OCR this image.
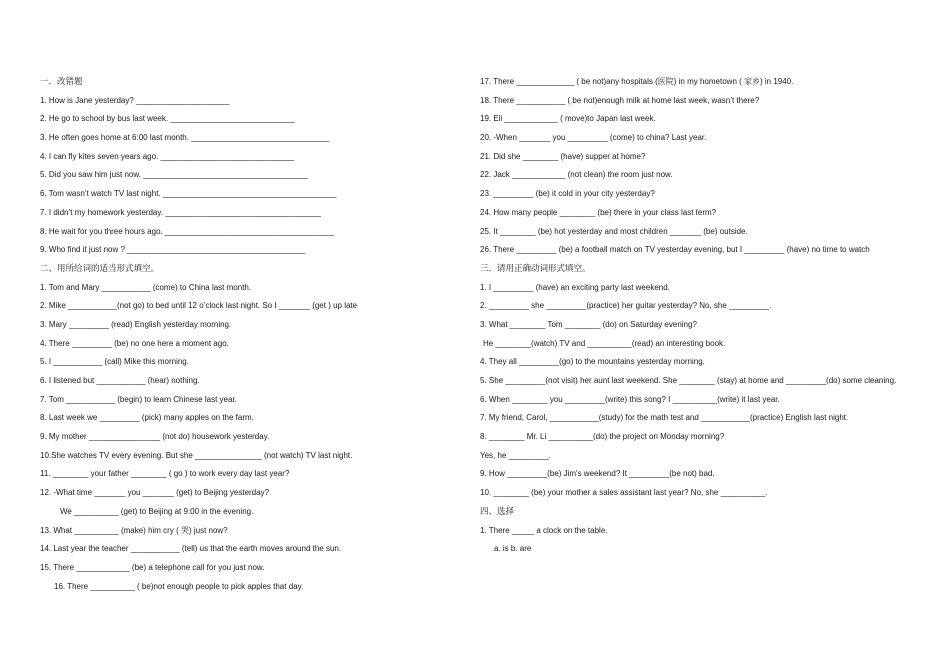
一．改错题
1. How is Jane yesterday? _____________________
2. He go to school by bus last week. ____________________________
3. He often goes home at 6:00 last month. _______________________________
4. I can fly kites seven years ago. ______________________________
5. Did you saw him just now. _____________________________________
6. Tom wasn’t watch TV last night. _______________________________________
7. I didn’t my homework yesterday. ___________________________________
8. He wait for you three hours ago. ______________________________________
9. Who find it just now ? ________________________________________
二、用所给词的适当形式填空。
1. Tom and Mary ___________ (come) to China last month.
2. Mike ___________(not go) to bed until 12 o’clock last night. So I _______ (get ) up late
3. Mary _________ (read) English yesterday morning.
4. There _________ (be) no one here a moment ago.
5. I ___________ (call) Mike this morning.
6. I listened but ___________ (hear) nothing.
7. Tom ___________ (begin) to learn Chinese last year.
8. Last week we _________ (pick) many apples on the farm.
9. My mother ________________ (not do) housework yesterday.
10.She watches TV every evening. But she _______________ (not watch) TV last night.
11. ________ your father ________ ( go ) to work every day last year?
12. -What time _______ you _______ (get) to Beijing yesterday?
We __________ (get) to Beijing at 9:00 in the evening.
13. What __________ (make) him cry ( 哭) just now?
14. Last year the teacher ___________ (tell) us that the earth moves around the sun.
15. There ____________ (be) a telephone call for you just now.
16. There __________ ( be)not enough people to pick apples that day.
17. There _____________ ( be not)any hospitals (医院) in my hometown ( 家乡) in 1940.
18. There ___________ ( be not)enough milk at home last week, wasn’t there?
19. Eli ____________ ( move)to Japan last week.
20. -When _______ you _________ (come) to china? Last year.
21. Did she ________ (have) supper at home?
22. Jack ____________ (not clean) the room just now.
23. _________ (be) it cold in your city yesterday?
24. How many people ________ (be) there in your class last term?
25. It ________ (be) hot yesterday and most children _______ (be) outside.
26. There _________ (be) a football match on TV yesterday evening, but I _________ (have) no time to watch
三．请用正确动词形式填空。
1. I _________ (have) an exciting party last weekend.
2. _________ she _________(practice) her guitar yesterday? No, she _________.
3. What ________ Tom ________ (do) on Saturday evening?
He ________(watch) TV and __________(read) an interesting book.
4. They all _________(go) to the mountains yesterday morning.
5. She _________(not visit) her aunt last weekend. She ________ (stay) at home and _________(do) some cleaning.
6. When ________ you _________(write) this song? I __________(write) it last year.
7. My friend, Carol, ___________(study) for the math test and ___________(practice) English last night.
8. ________ Mr. Li __________(do) the project on Monday morning?
Yes, he _________.
9. How _________(be) Jim's weekend? It _________(be not) bad.
10. ________ (be) your mother a sales assistant last year? No, she __________.
四、选择
1. There _____ a clock on the table.
a. is b. are
